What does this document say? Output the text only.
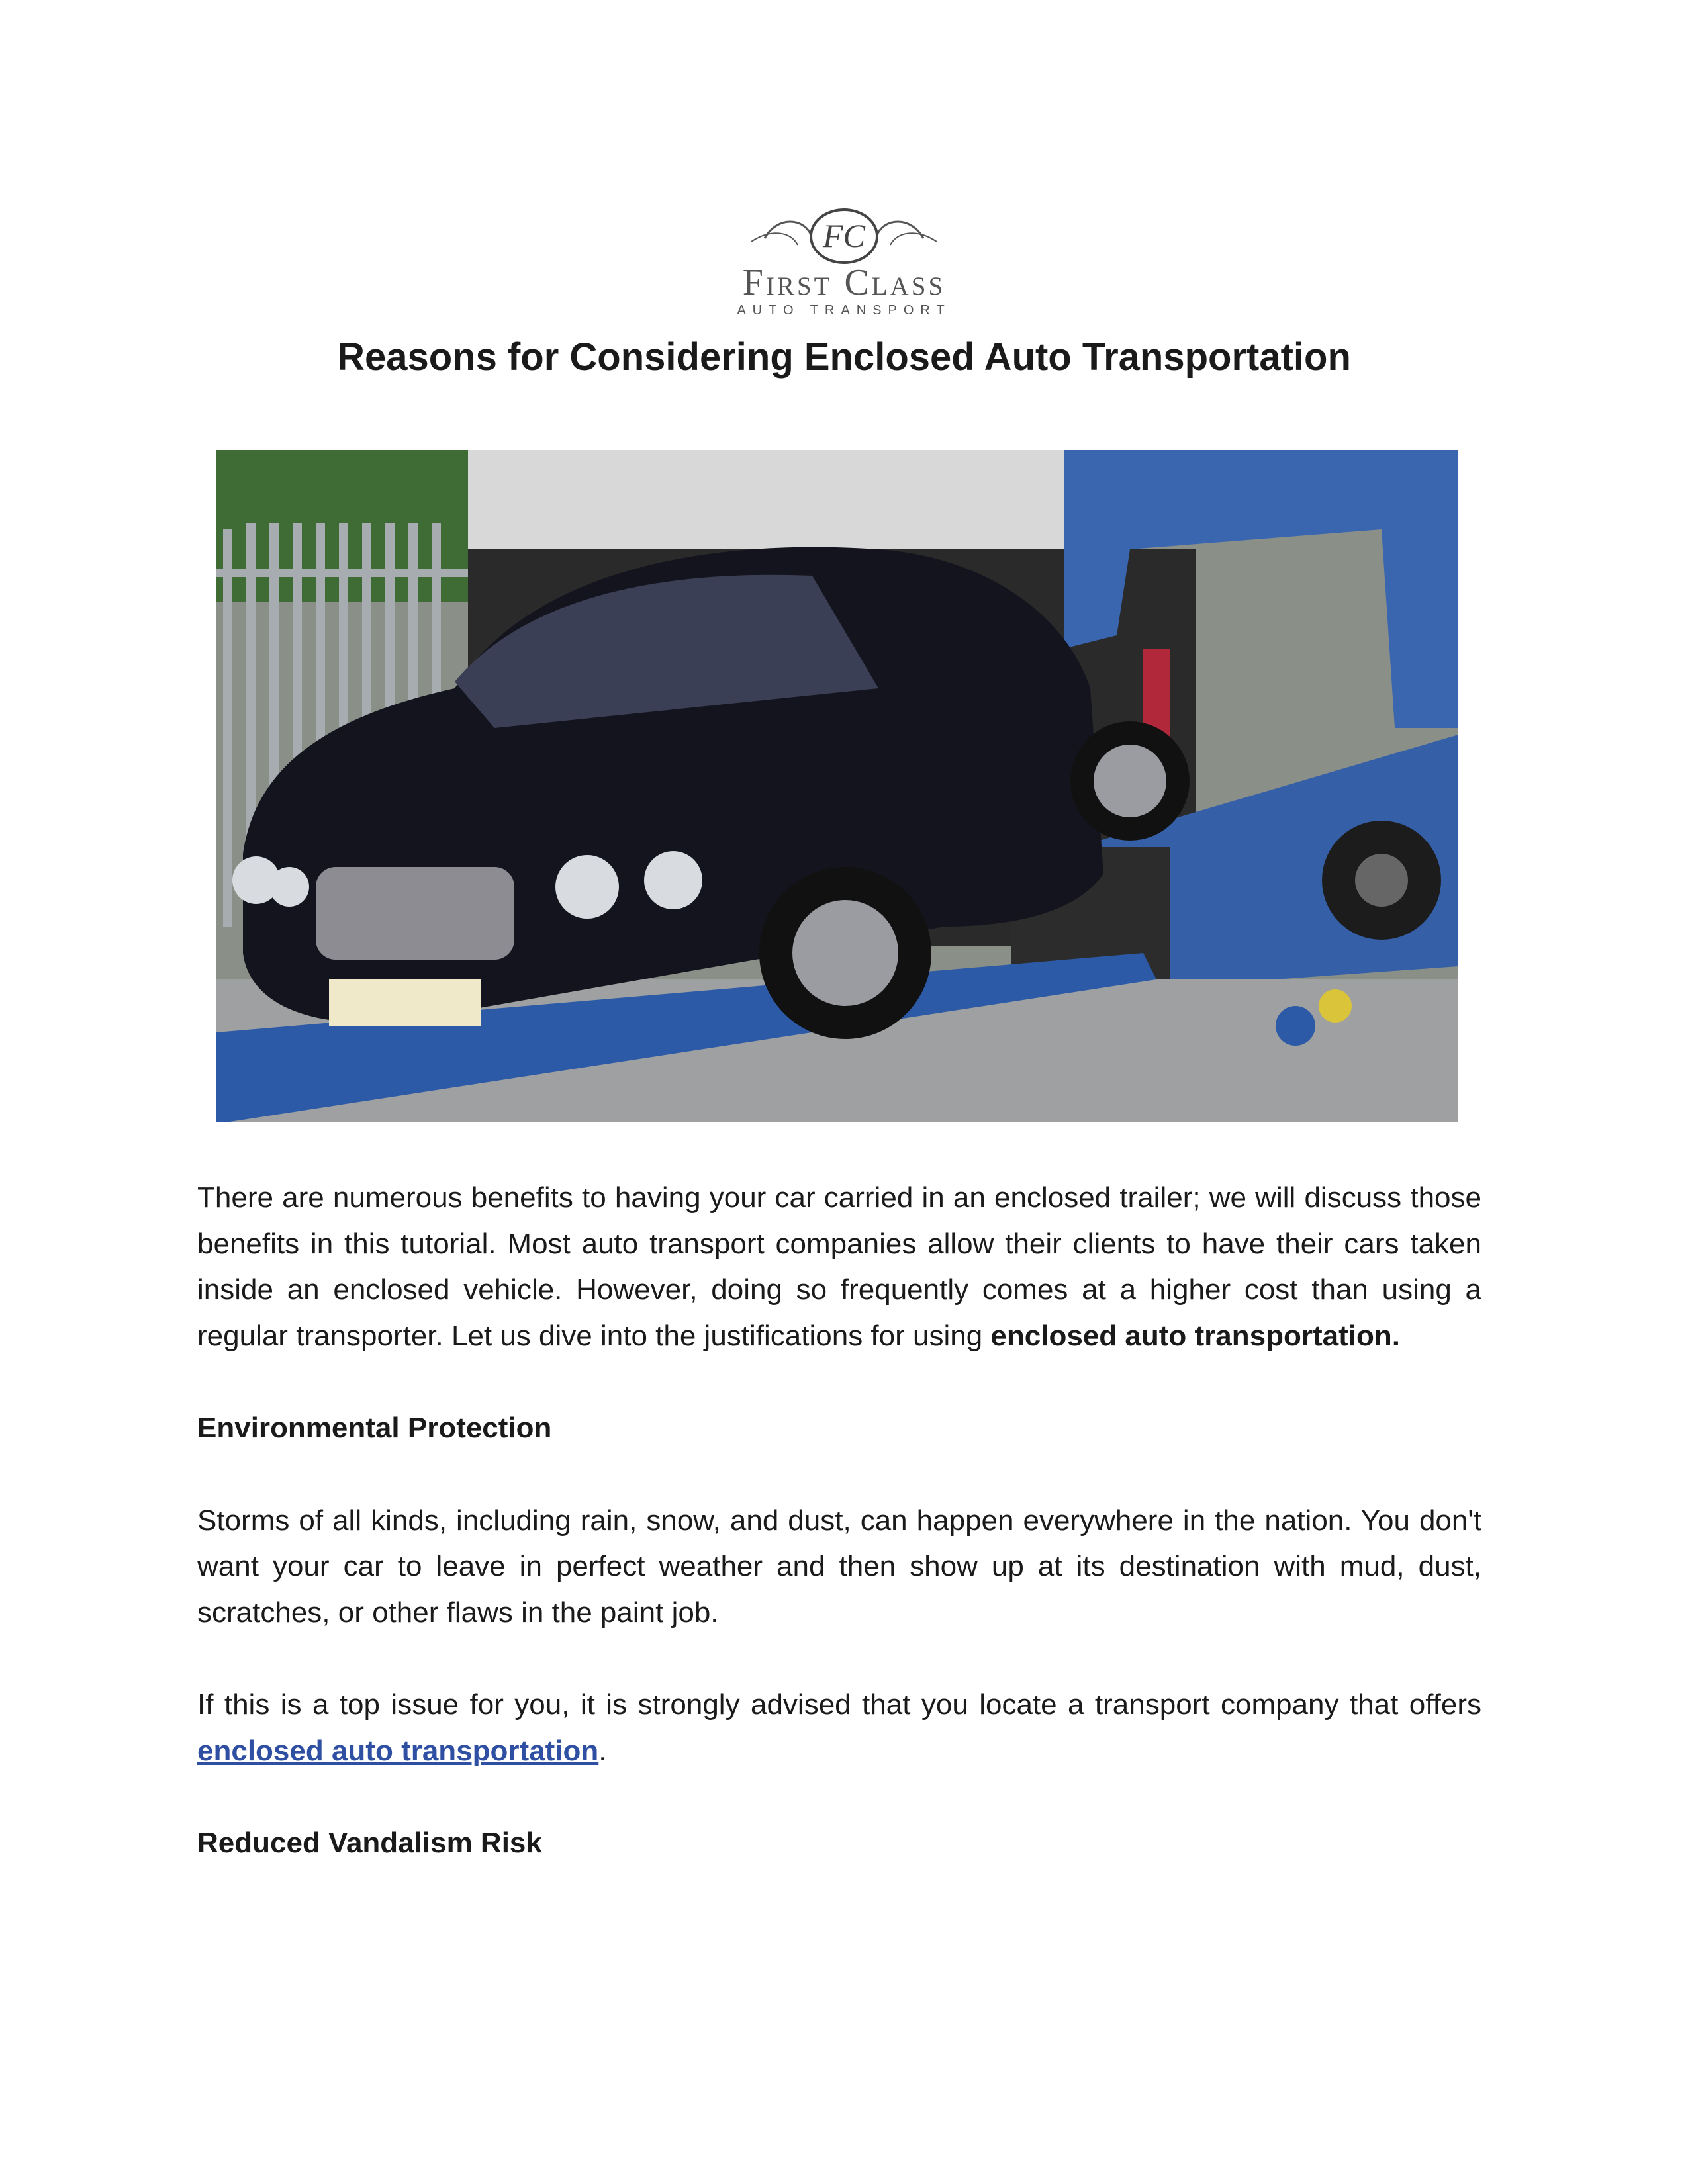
FC
First Class
AUTO TRANSPORT
Reasons for Considering Enclosed Auto Transportation

There are numerous benefits to having your car carried in an enclosed trailer; we will discuss those benefits in this tutorial. Most auto transport companies allow their clients to have their cars taken inside an enclosed vehicle. However, doing so frequently comes at a higher cost than using a regular transporter. Let us dive into the justifications for using enclosed auto transportation.

Environmental Protection

Storms of all kinds, including rain, snow, and dust, can happen everywhere in the nation. You don't want your car to leave in perfect weather and then show up at its destination with mud, dust, scratches, or other flaws in the paint job.

If this is a top issue for you, it is strongly advised that you locate a transport company that offers enclosed auto transportation.

Reduced Vandalism Risk
